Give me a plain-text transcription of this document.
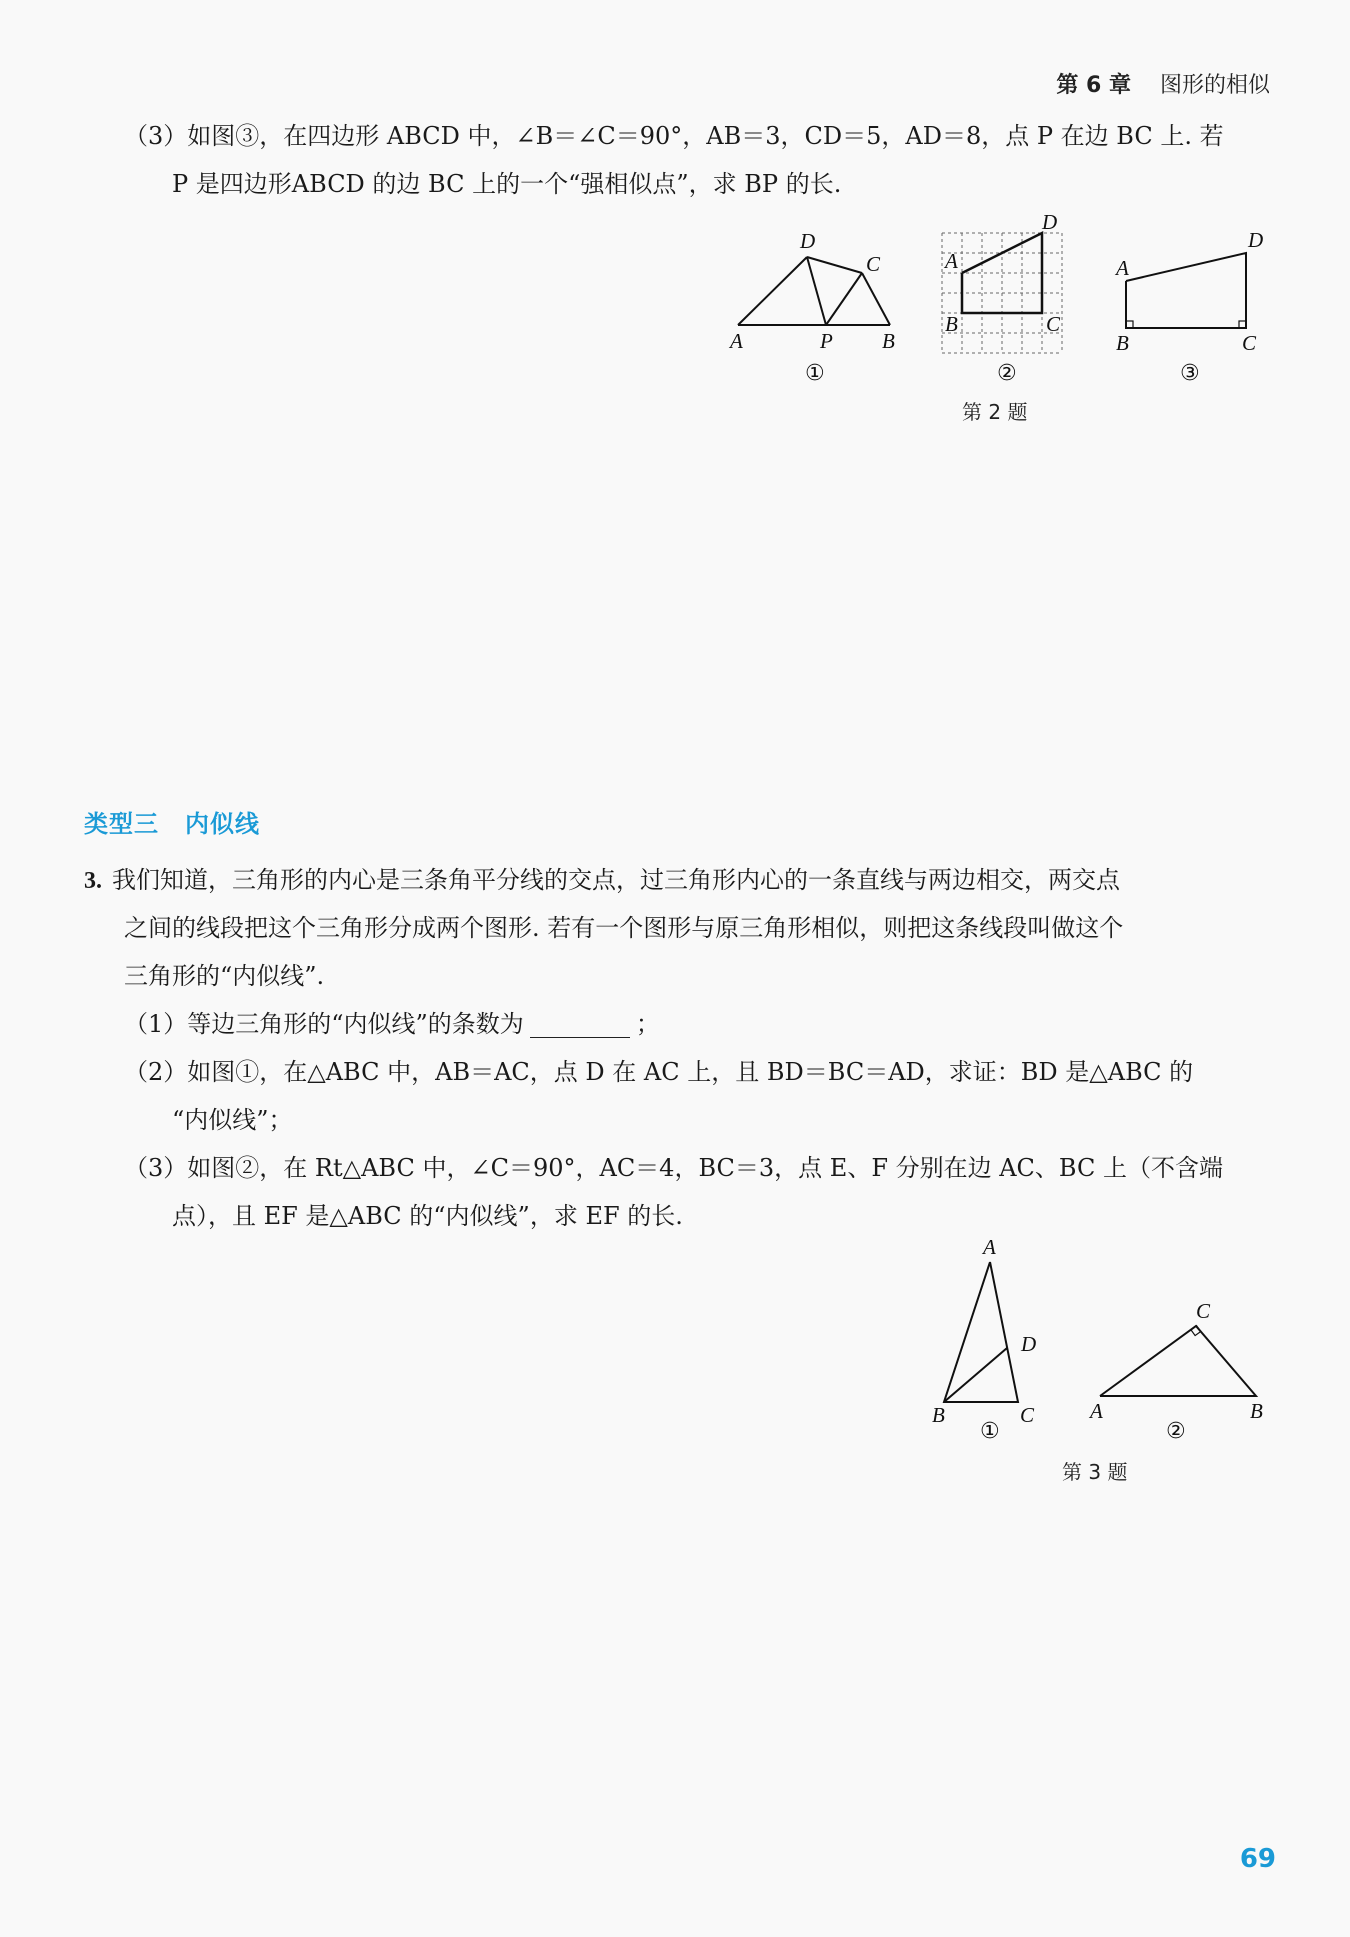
第 6 章 图形的相似
（3）如图③，在四边形 ABCD 中，∠B＝∠C＝90°，AB＝3，CD＝5，AD＝8，点 P 在边 BC 上. 若
P 是四边形ABCD 的边 BC 上的一个“强相似点”，求 BP 的长.
A	P B
D
C
①
A
B	C
D
②
A
B	C
D
③
第 2 题
类型三 内似线
3. 我们知道，三角形的内心是三条角平分线的交点，过三角形内心的一条直线与两边相交，两交点
之间的线段把这个三角形分成两个图形. 若有一个图形与原三角形相似，则把这条线段叫做这个
三角形的“内似线”.
（1）等边三角形的“内似线”的条数为	；
（2）如图①，在△ABC 中，AB＝AC，点 D 在 AC 上，且 BD＝BC＝AD，求证：BD 是△ABC 的
“内似线”；
（3）如图②，在 Rt△ABC 中，∠C＝90°，AC＝4，BC＝3，点 E、F 分别在边 AC、BC 上（不含端
点），且 EF 是△ABC 的“内似线”，求 EF 的长.
A
B	C
D
①
A	B
C
②
第 3 题
69
